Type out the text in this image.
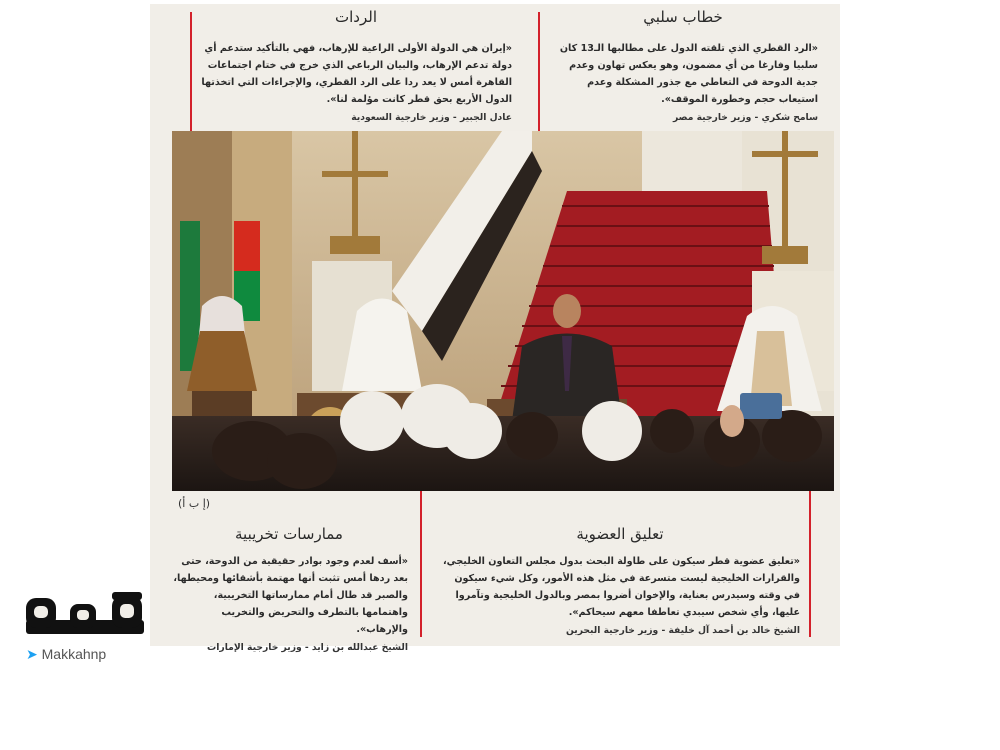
خطاب سلبي

«الرد القطري الذي تلقته الدول على مطالبها الـ13 كان سلبيا وفارغا من أي مضمون، وهو يعكس تهاون وعدم جدية الدوحة في التعاطي مع جذور المشكلة وعدم استيعاب حجم وخطورة الموقف».

سامح شكري - وزير خارجية مصر
الردات

«إيران هي الدولة الأولى الراعية للإرهاب، فهي بالتأكيد ستدعم أي دولة تدعم الإرهاب، والبيان الرباعي الذي خرج في ختام اجتماعات القاهرة أمس لا يعد ردا على الرد القطري، والإجراءات التي اتخذتها الدول الأربع بحق قطر كانت مؤلمة لنا».

عادل الجبير - وزير خارجية السعودية
(إ ب أ)
تعليق العضوية

«تعليق عضوية قطر سيكون على طاولة البحث بدول مجلس التعاون الخليجي، والقرارات الخليجية ليست متسرعة في مثل هذه الأمور، وكل شيء سيكون في وقته وسيدرس بعناية، والإخوان أضروا بمصر وبالدول الخليجية وتآمروا عليها، وأي شخص سيبدي تعاطفا معهم سيحاكم».

الشيخ خالد بن أحمد آل خليفة - وزير خارجية البحرين
ممارسات تخريبية

«أسف لعدم وجود بوادر حقيقية من الدوحة، حتى بعد ردها أمس تثبت أنها مهتمة بأشقائها ومحيطها، والصبر قد طال أمام ممارساتها التخريبية، واهتمامها بالتطرف والتحريض والتخريب والإرهاب».

الشيخ عبدالله بن زايد - وزير خارجية الإمارات
➤ Makkahnp
